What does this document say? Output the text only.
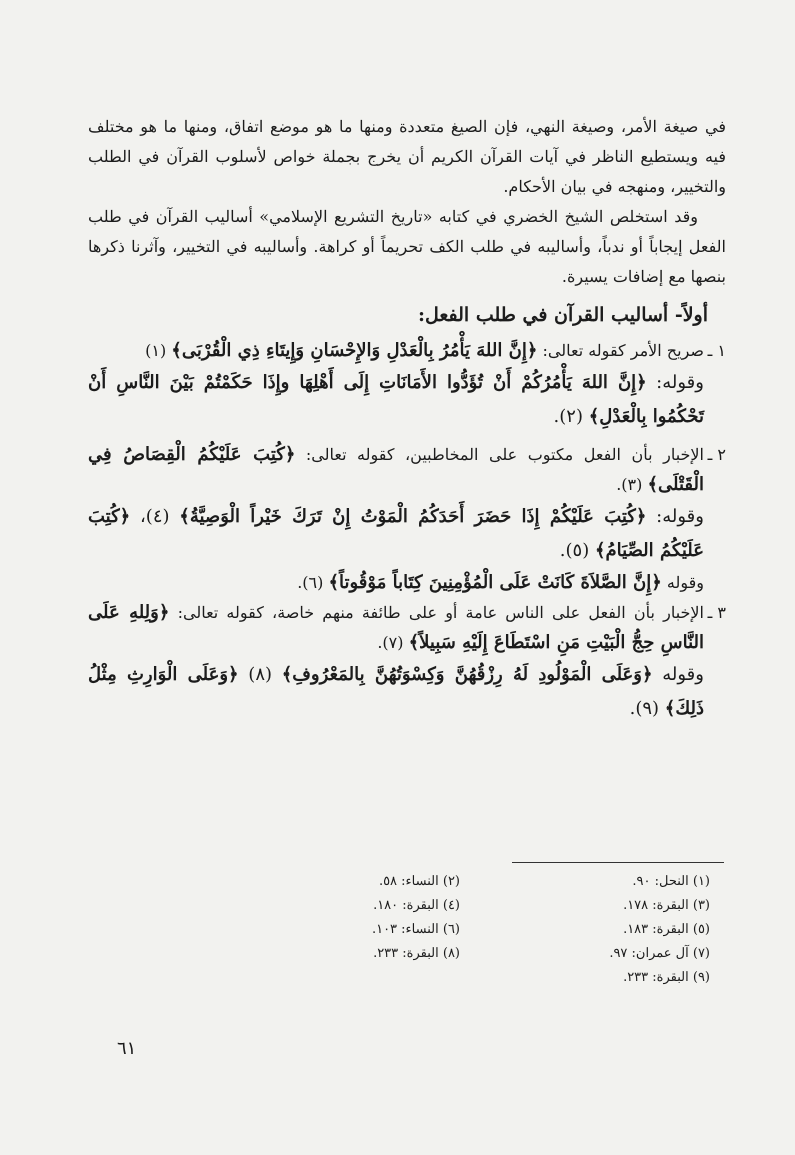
في صيغة الأمر، وصيغة النهي، فإن الصيغ متعددة ومنها ما هو موضع اتفاق، ومنها ما هو مختلف فيه ويستطيع الناظر في آيات القرآن الكريم أن يخرج بجملة خواص لأسلوب القرآن في الطلب والتخيير، ومنهجه في بيان الأحكام.

وقد استخلص الشيخ الخضري في كتابه «تاريخ التشريع الإسلامي» أساليب القرآن في طلب الفعل إيجاباً أو ندباً، وأساليبه في طلب الكف تحريماً أو كراهة. وأساليبه في التخيير، وآثرنا ذكرها بنصها مع إضافات يسيرة.

أولاً- أساليب القرآن في طلب الفعل:

١ ـ

صريح الأمر كقوله تعالى: ﴿إِنَّ اللهَ يَأْمُرُ بِالْعَدْلِ وَالإِحْسَانِ وَإِيتَاءِ ذِي الْقُرْبَى﴾ (١)

وقوله: ﴿إِنَّ اللهَ يَأْمُرُكُمْ أَنْ تُؤَدُّوا الأَمَانَاتِ إِلَى أَهْلِهَا وإِذَا حَكَمْتُمْ بَيْنَ النَّاسِ أَنْ تَحْكُمُوا بِالْعَدْلِ﴾ (٢).

٢ ـ

الإخبار بأن الفعل مكتوب على المخاطبين، كقوله تعالى: ﴿كُتِبَ عَلَيْكُمُ الْقِصَاصُ فِي الْقَتْلَى﴾ (٣).

وقوله: ﴿كُتِبَ عَلَيْكُمْ إِذَا حَضَرَ أَحَدَكُمُ الْمَوْتُ إِنْ تَرَكَ خَيْراً الْوَصِيَّةُ﴾ (٤)، ﴿كُتِبَ عَلَيْكُمُ الصِّيَامُ﴾ (٥).

وقوله ﴿إِنَّ الصَّلاَةَ كَانَتْ عَلَى الْمُؤْمِنِينَ كِتَاباً مَوْقُوتاً﴾ (٦).

٣ ـ

الإخبار بأن الفعل على الناس عامة أو على طائفة منهم خاصة، كقوله تعالى: ﴿وَلِلهِ عَلَى النَّاسِ حِجُّ الْبَيْتِ مَنِ اسْتَطَاعَ إِلَيْهِ سَبِيلاً﴾ (٧).

وقوله ﴿وَعَلَى الْمَوْلُودِ لَهُ رِزْقُهُنَّ وَكِسْوَتُهُنَّ بِالمَعْرُوفِ﴾ (٨) ﴿وَعَلَى الْوَارِثِ مِثْلُ ذَلِكَ﴾ (٩).

(١) النحل: ٩٠.
(٢) النساء: ٥٨.
(٣) البقرة: ١٧٨.
(٤) البقرة: ١٨٠.
(٥) البقرة: ١٨٣.
(٦) النساء: ١٠٣.
(٧) آل عمران: ٩٧.
(٨) البقرة: ٢٣٣.
(٩) البقرة: ٢٣٣.
٦١
